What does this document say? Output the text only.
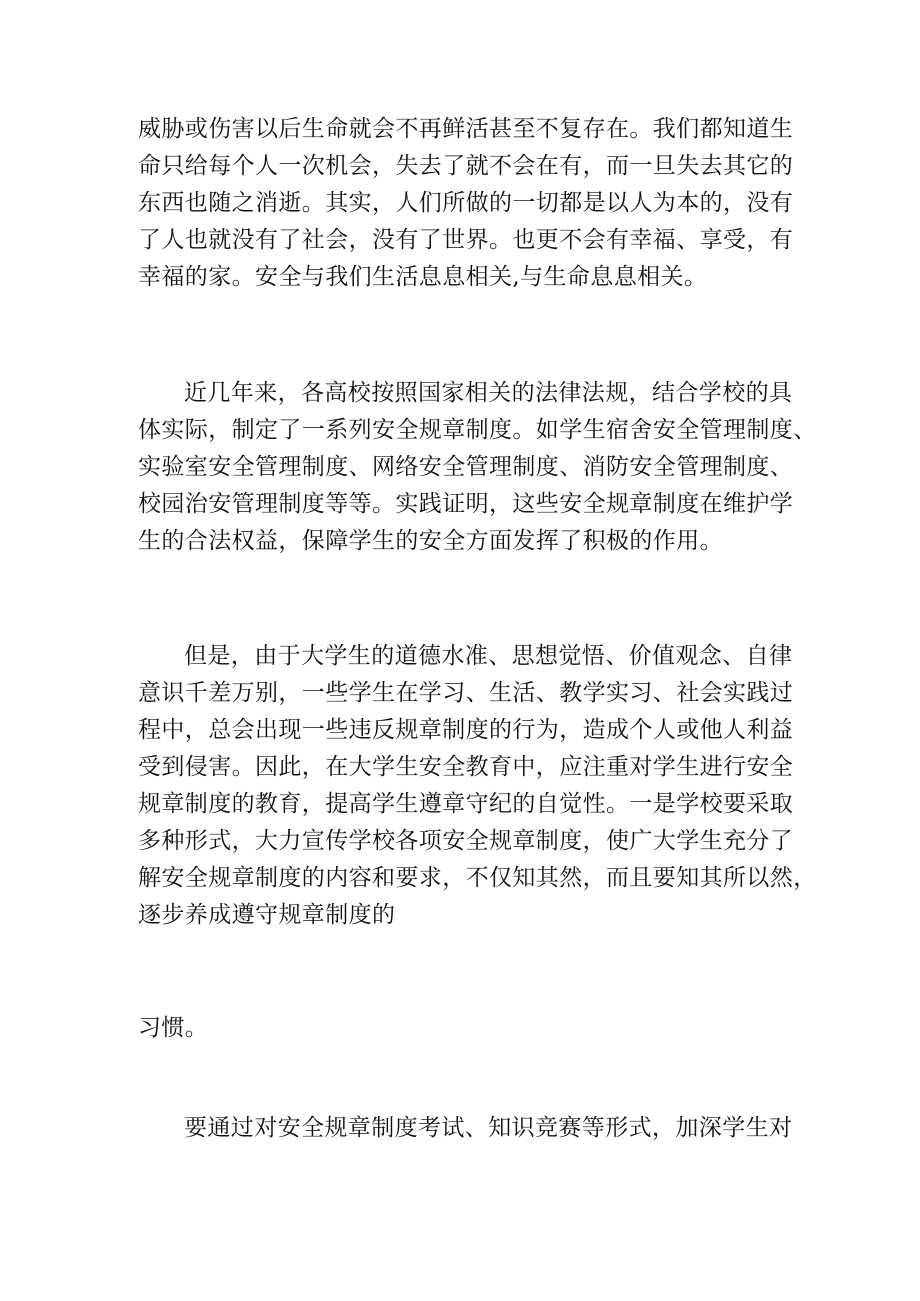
威胁或伤害以后生命就会不再鲜活甚至不复存在。我们都知道生
命只给每个人一次机会，失去了就不会在有，而一旦失去其它的
东西也随之消逝。其实，人们所做的一切都是以人为本的，没有
了人也就没有了社会，没有了世界。也更不会有幸福、享受，有
幸福的家。安全与我们生活息息相关,与生命息息相关。
近几年来，各高校按照国家相关的法律法规，结合学校的具
体实际，制定了一系列安全规章制度。如学生宿舍安全管理制度、
实验室安全管理制度、网络安全管理制度、消防安全管理制度、
校园治安管理制度等等。实践证明，这些安全规章制度在维护学
生的合法权益，保障学生的安全方面发挥了积极的作用。
但是，由于大学生的道德水准、思想觉悟、价值观念、自律
意识千差万别，一些学生在学习、生活、教学实习、社会实践过
程中，总会出现一些违反规章制度的行为，造成个人或他人利益
受到侵害。因此，在大学生安全教育中，应注重对学生进行安全
规章制度的教育，提高学生遵章守纪的自觉性。一是学校要采取
多种形式，大力宣传学校各项安全规章制度，使广大学生充分了
解安全规章制度的内容和要求，不仅知其然，而且要知其所以然，
逐步养成遵守规章制度的
习惯。
要通过对安全规章制度考试、知识竞赛等形式，加深学生对
